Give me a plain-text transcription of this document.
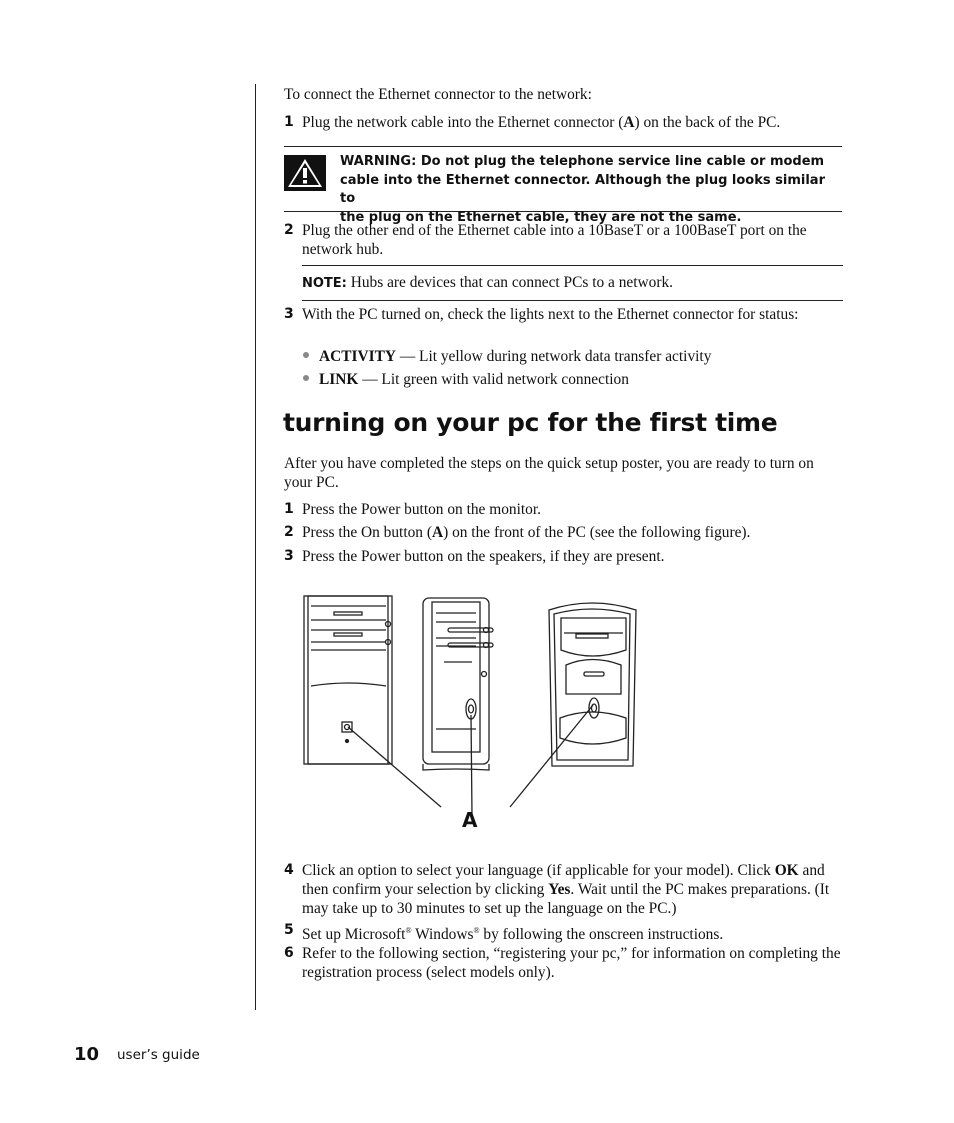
To connect the Ethernet connector to the network:
1 Plug the network cable into the Ethernet connector (A) on the back of the PC.
WARNING: Do not plug the telephone service line cable or modem
cable into the Ethernet connector. Although the plug looks similar to
the plug on the Ethernet cable, they are not the same.
2 Plug the other end of the Ethernet cable into a 10BaseT or a 100BaseT port on the network hub.
NOTE: Hubs are devices that can connect PCs to a network.
3 With the PC turned on, check the lights next to the Ethernet connector for status:
ACTIVITY — Lit yellow during network data transfer activity
LINK — Lit green with valid network connection
turning on your pc for the first time
After you have completed the steps on the quick setup poster, you are ready to turn on your PC.
1 Press the Power button on the monitor.
2 Press the On button (A) on the front of the PC (see the following figure).
3 Press the Power button on the speakers, if they are present.
A
4 Click an option to select your language (if applicable for your model). Click OK and then confirm your selection by clicking Yes. Wait until the PC makes preparations. (It may take up to 30 minutes to set up the language on the PC.)
5 Set up Microsoft® Windows® by following the onscreen instructions.
6 Refer to the following section, “registering your pc,” for information on completing the registration process (select models only).
10 user’s guide
